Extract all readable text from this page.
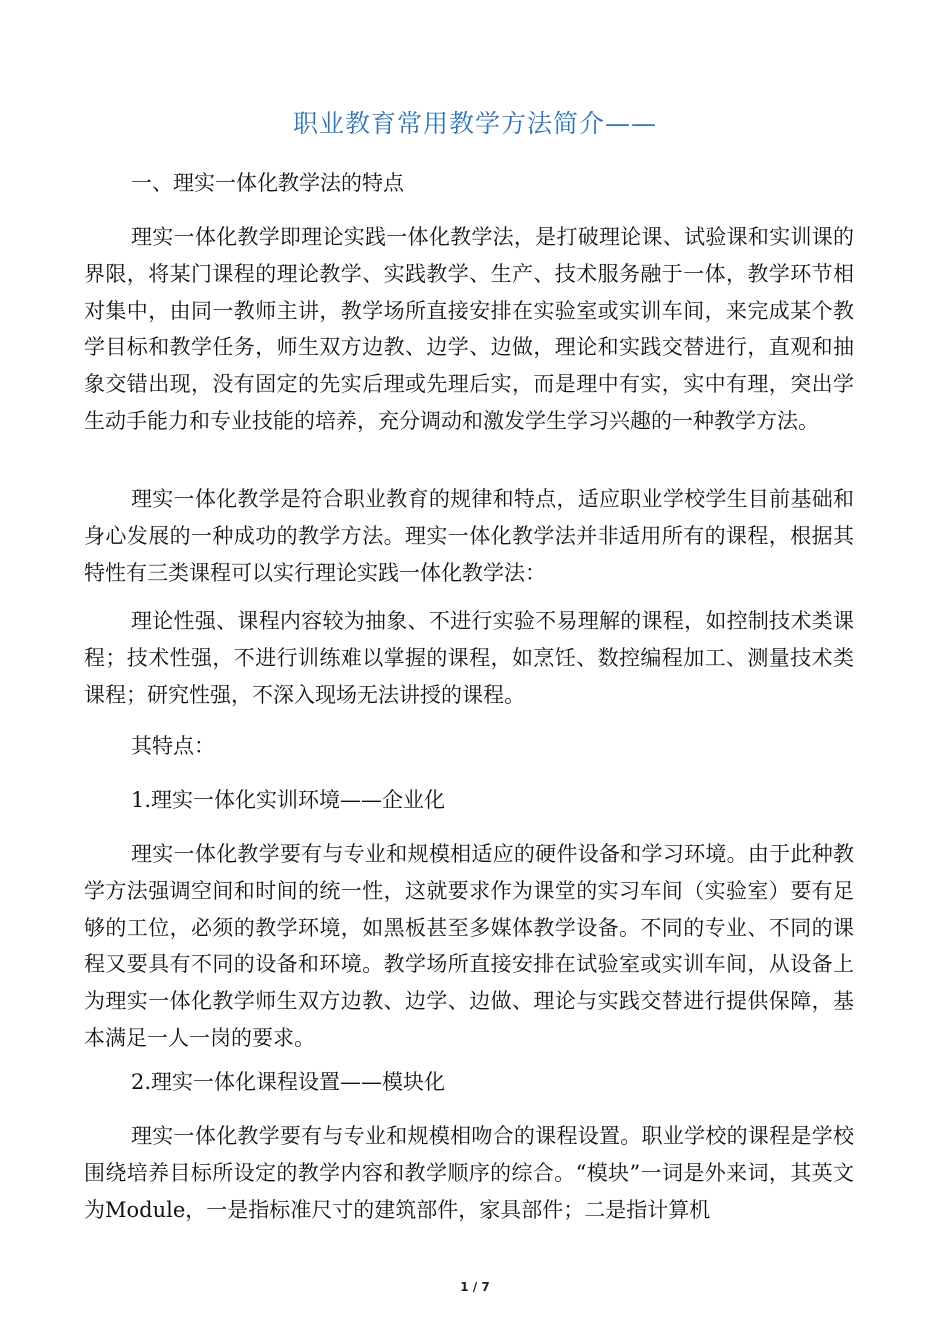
职业教育常用教学方法简介——

一、理实一体化教学法的特点

理实一体化教学即理论实践一体化教学法，是打破理论课、试验课和实训课的界限，将某门课程的理论教学、实践教学、生产、技术服务融于一体，教学环节相对集中，由同一教师主讲，教学场所直接安排在实验室或实训车间，来完成某个教学目标和教学任务，师生双方边教、边学、边做，理论和实践交替进行，直观和抽象交错出现，没有固定的先实后理或先理后实，而是理中有实，实中有理，突出学生动手能力和专业技能的培养，充分调动和激发学生学习兴趣的一种教学方法。

理实一体化教学是符合职业教育的规律和特点，适应职业学校学生目前基础和身心发展的一种成功的教学方法。理实一体化教学法并非适用所有的课程，根据其特性有三类课程可以实行理论实践一体化教学法：

理论性强、课程内容较为抽象、不进行实验不易理解的课程，如控制技术类课程；技术性强，不进行训练难以掌握的课程，如烹饪、数控编程加工、测量技术类课程；研究性强，不深入现场无法讲授的课程。

其特点：

1.理实一体化实训环境——企业化

理实一体化教学要有与专业和规模相适应的硬件设备和学习环境。由于此种教学方法强调空间和时间的统一性，这就要求作为课堂的实习车间（实验室）要有足够的工位，必须的教学环境，如黑板甚至多媒体教学设备。不同的专业、不同的课程又要具有不同的设备和环境。教学场所直接安排在试验室或实训车间，从设备上为理实一体化教学师生双方边教、边学、边做、理论与实践交替进行提供保障，基本满足一人一岗的要求。

2.理实一体化课程设置——模块化

理实一体化教学要有与专业和规模相吻合的课程设置。职业学校的课程是学校围绕培养目标所设定的教学内容和教学顺序的综合。“模块”一词是外来词，其英文为Module，一是指标准尺寸的建筑部件，家具部件；二是指计算机

1 / 7
